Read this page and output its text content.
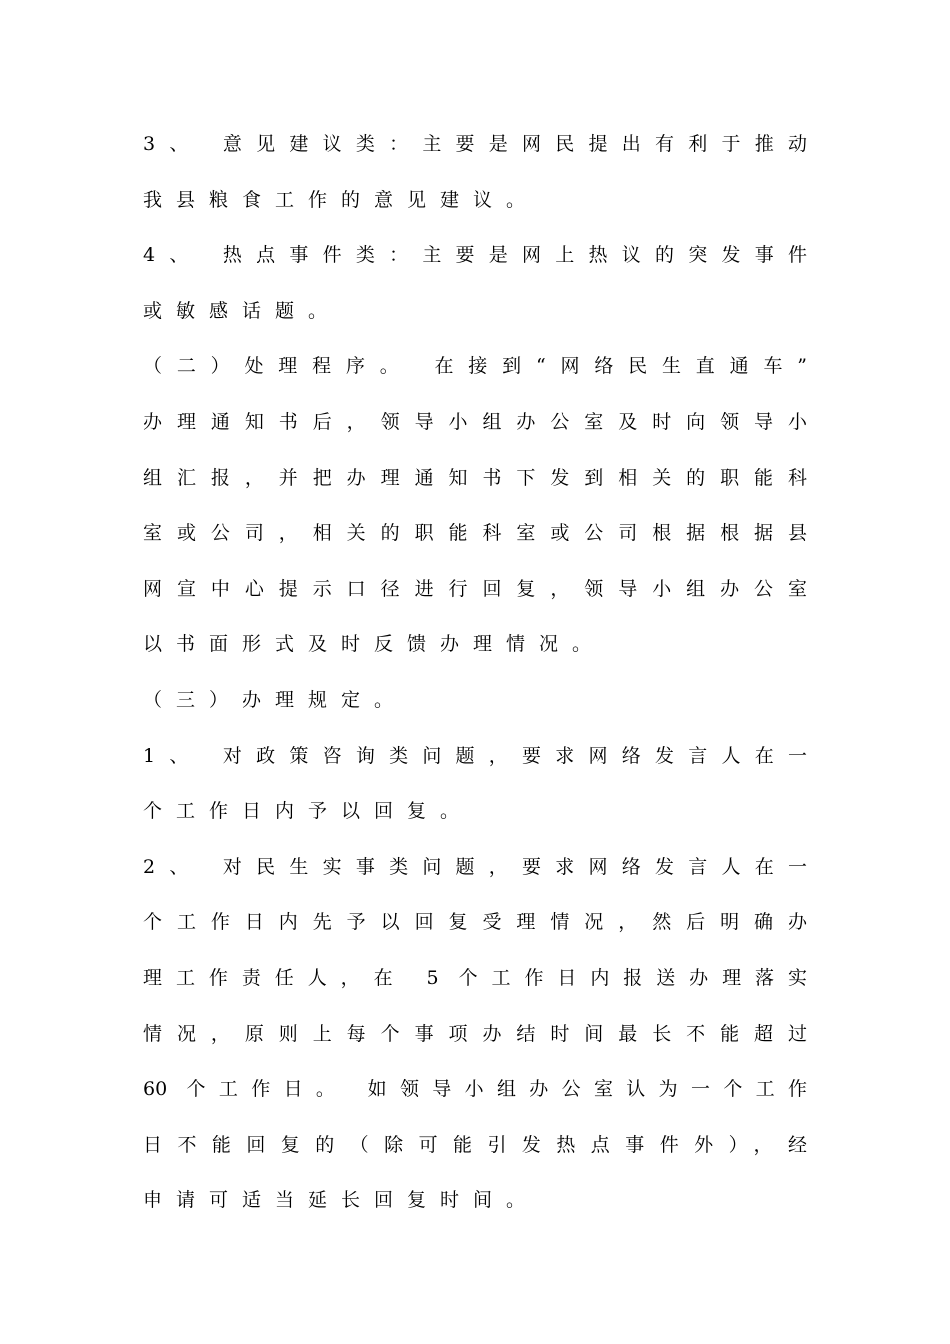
3、 意见建议类：主要是网民提出有利于推动
我县粮食工作的意见建议。
4、 热点事件类：主要是网上热议的突发事件
或敏感话题。
（二）处理程序。 在接到“网络民生直通车”
办理通知书后，领导小组办公室及时向领导小
组汇报，并把办理通知书下发到相关的职能科
室或公司，相关的职能科室或公司根据根据县
网宣中心提示口径进行回复，领导小组办公室
以书面形式及时反馈办理情况。
（三）办理规定。
1、 对政策咨询类问题，要求网络发言人在一
个工作日内予以回复。
2、 对民生实事类问题，要求网络发言人在一
个工作日内先予以回复受理情况，然后明确办
理工作责任人，在 5 个工作日内报送办理落实
情况，原则上每个事项办结时间最长不能超过
60 个工作日。 如领导小组办公室认为一个工作
日不能回复的（除可能引发热点事件外），经
申请可适当延长回复时间。
